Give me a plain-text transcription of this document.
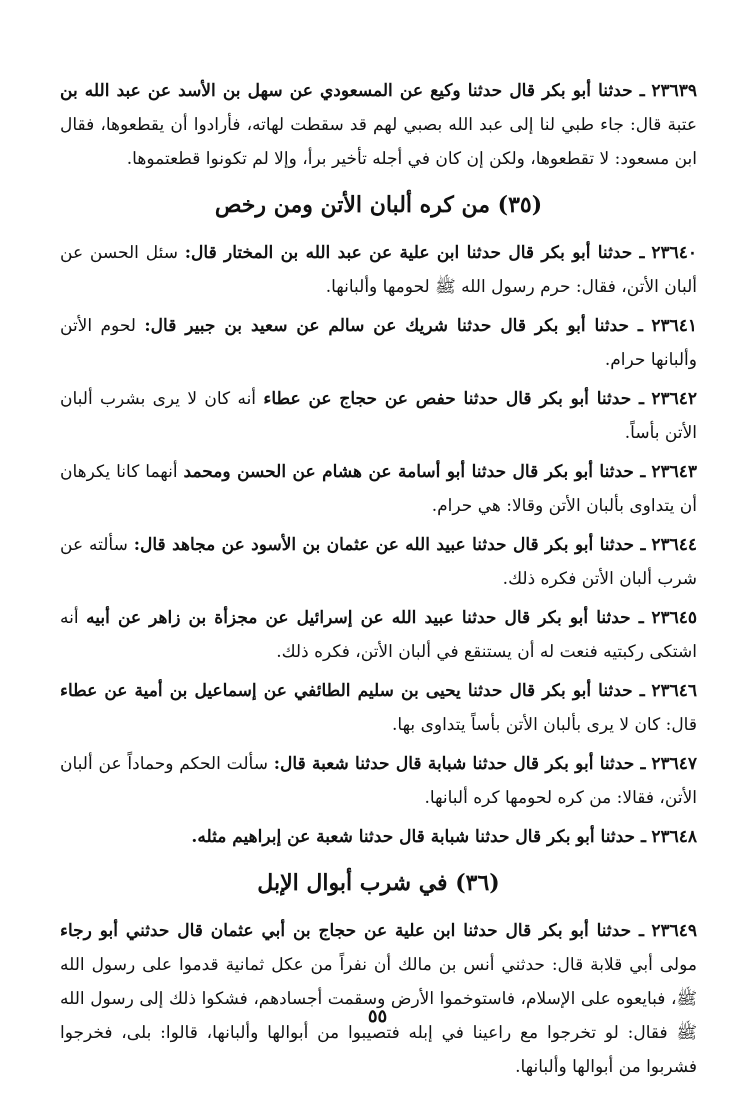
٢٣٦٣٩ ـ حدثنا أبو بكر قال حدثنا وكيع عن المسعودي عن سهل بن الأسد عن عبد الله بن عتبة قال: جاء طبي لنا إلى عبد الله بصبي لهم قد سقطت لهاته، فأرادوا أن يقطعوها، فقال ابن مسعود: لا تقطعوها، ولكن إن كان في أجله تأخير برأ، وإلا لم تكونوا قطعتموها.

(٣٥) من كره ألبان الأتن ومن رخص

٢٣٦٤٠ ـ حدثنا أبو بكر قال حدثنا ابن علية عن عبد الله بن المختار قال: سئل الحسن عن ألبان الأتن، فقال: حرم رسول الله ﷺ لحومها وألبانها.

٢٣٦٤١ ـ حدثنا أبو بكر قال حدثنا شريك عن سالم عن سعيد بن جبير قال: لحوم الأتن وألبانها حرام.

٢٣٦٤٢ ـ حدثنا أبو بكر قال حدثنا حفص عن حجاج عن عطاء أنه كان لا يرى بشرب ألبان الأتن بأساً.

٢٣٦٤٣ ـ حدثنا أبو بكر قال حدثنا أبو أسامة عن هشام عن الحسن ومحمد أنهما كانا يكرهان أن يتداوى بألبان الأتن وقالا: هي حرام.

٢٣٦٤٤ ـ حدثنا أبو بكر قال حدثنا عبيد الله عن عثمان بن الأسود عن مجاهد قال: سألته عن شرب ألبان الأتن فكره ذلك.

٢٣٦٤٥ ـ حدثنا أبو بكر قال حدثنا عبيد الله عن إسرائيل عن مجزأة بن زاهر عن أبيه أنه اشتكى ركبتيه فنعت له أن يستنقع في ألبان الأتن، فكره ذلك.

٢٣٦٤٦ ـ حدثنا أبو بكر قال حدثنا يحيى بن سليم الطائفي عن إسماعيل بن أمية عن عطاء قال: كان لا يرى بألبان الأتن بأساً يتداوى بها.

٢٣٦٤٧ ـ حدثنا أبو بكر قال حدثنا شبابة قال حدثنا شعبة قال: سألت الحكم وحماداً عن ألبان الأتن، فقالا: من كره لحومها كره ألبانها.

٢٣٦٤٨ ـ حدثنا أبو بكر قال حدثنا شبابة قال حدثنا شعبة عن إبراهيم مثله.

(٣٦) في شرب أبوال الإبل

٢٣٦٤٩ ـ حدثنا أبو بكر قال حدثنا ابن علية عن حجاج بن أبي عثمان قال حدثني أبو رجاء مولى أبي قلابة قال: حدثني أنس بن مالك أن نفراً من عكل ثمانية قدموا على رسول الله ﷺ، فبايعوه على الإسلام، فاستوخموا الأرض وسقمت أجسادهم، فشكوا ذلك إلى رسول الله ﷺ فقال: لو تخرجوا مع راعينا في إبله فتصيبوا من أبوالها وألبانها، قالوا: بلى، فخرجوا فشربوا من أبوالها وألبانها.

٥٥
